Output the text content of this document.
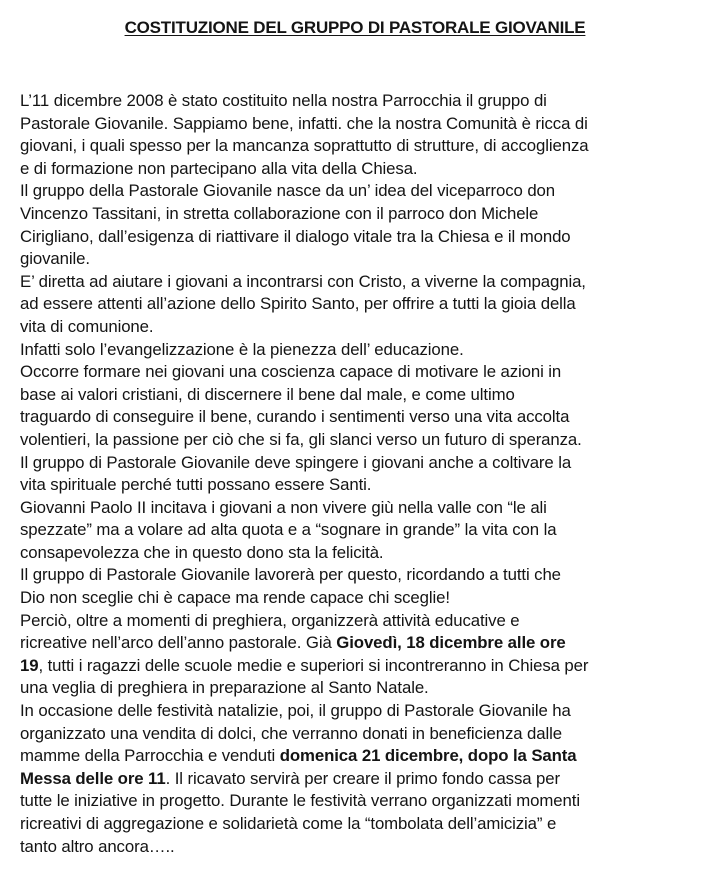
COSTITUZIONE DEL GRUPPO DI PASTORALE GIOVANILE
L’11 dicembre 2008 è stato costituito nella nostra Parrocchia il gruppo di
Pastorale Giovanile. Sappiamo bene, infatti. che la nostra Comunità è ricca di
giovani, i quali spesso per la mancanza soprattutto di strutture, di accoglienza
e di formazione non partecipano alla vita della Chiesa.
Il gruppo della Pastorale Giovanile nasce da un’ idea del viceparroco don
Vincenzo Tassitani, in stretta collaborazione con il parroco don Michele
Cirigliano, dall’esigenza di riattivare il dialogo vitale tra la Chiesa e il mondo
giovanile.
E’ diretta ad aiutare i giovani a incontrarsi con Cristo, a viverne la compagnia,
ad essere attenti all’azione dello Spirito Santo, per offrire a tutti la gioia della
vita di comunione.
Infatti solo l’evangelizzazione è la pienezza dell’ educazione.
Occorre formare nei giovani una coscienza capace di motivare le azioni in
base ai valori cristiani, di discernere il bene dal male, e come ultimo
traguardo di conseguire il bene, curando i sentimenti verso una vita accolta
volentieri, la passione per ciò che si fa, gli slanci verso un futuro di speranza.
Il gruppo di Pastorale Giovanile deve spingere i giovani anche a coltivare la
vita spirituale perché tutti possano essere Santi.
Giovanni Paolo II incitava i giovani a non vivere giù nella valle con “le ali
spezzate” ma a volare ad alta quota e a “sognare in grande” la vita con la
consapevolezza che in questo dono sta la felicità.
Il gruppo di Pastorale Giovanile lavorerà per questo, ricordando a tutti che
Dio non sceglie chi è capace ma rende capace chi sceglie!
Perciò, oltre a momenti di preghiera, organizzerà attività educative e
ricreative nell’arco dell’anno pastorale. Già Giovedì, 18 dicembre alle ore
19, tutti i ragazzi delle scuole medie e superiori si incontreranno in Chiesa per
una veglia di preghiera in preparazione al Santo Natale.
In occasione delle festività natalizie, poi, il gruppo di Pastorale Giovanile ha
organizzato una vendita di dolci, che verranno donati in beneficienza dalle
mamme della Parrocchia e venduti domenica 21 dicembre, dopo la Santa
Messa delle ore 11. Il ricavato servirà per creare il primo fondo cassa per
tutte le iniziative in progetto. Durante le festività verrano organizzati momenti
ricreativi di aggregazione e solidarietà come la “tombolata dell’amicizia” e
tanto altro ancora…..
